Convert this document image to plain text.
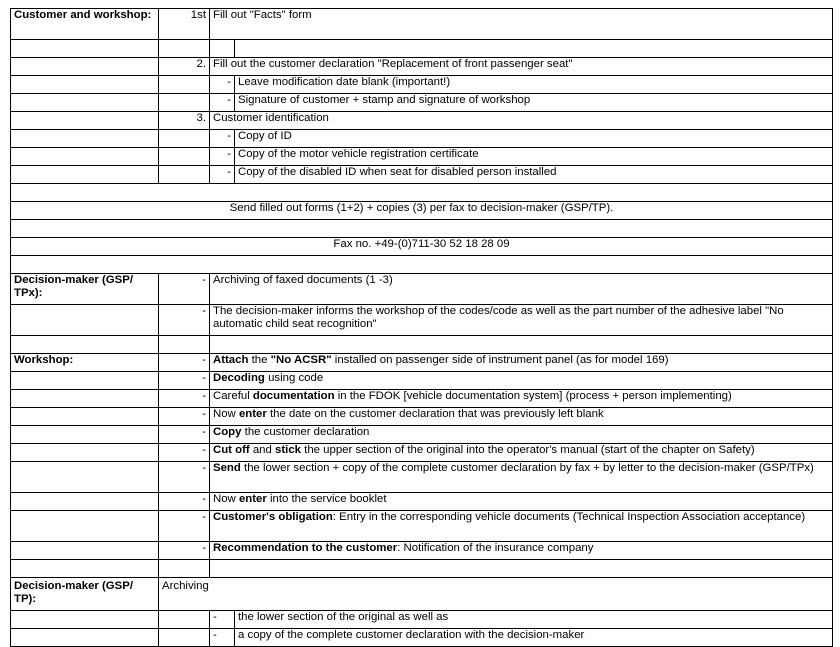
Customer and workshop:	1st	Fill out "Facts" form	

	2.	Fill out the customer declaration "Replacement of front passenger seat"	
		-	Leave modification date blank (important!)
		-	Signature of customer + stamp and signature of workshop
	3.	Customer identification	
		-	Copy of ID
		-	Copy of the motor vehicle registration certificate
		-	Copy of the disabled ID when seat for disabled person installed

Send filled out forms (1+2) + copies (3) per fax to decision-maker (GSP/TP).			

Fax no. +49-(0)711-30 52 18 28 09			

Decision-maker (GSP/ TPx):	-	Archiving of faxed documents (1 -3)	
	-	The decision-maker informs the workshop of the codes/code as well as the part number of the adhesive label "No automatic child seat recognition"	

Workshop:	-	Attach the "No ACSR" installed on passenger side of instrument panel (as for model 169)	
	-	Decoding using code	
	-	Careful documentation in the FDOK [vehicle documentation system] (process + person implementing)	
	-	Now enter the date on the customer declaration that was previously left blank	
	-	Copy the customer declaration	
	-	Cut off and stick the upper section of the original into the operator's manual (start of the chapter on Safety)	
	-	Send the lower section + copy of the complete customer declaration by fax + by letter to the decision-maker (GSP/TPx)	
	-	Now enter into the service booklet	
	-	Customer's obligation: Entry in the corresponding vehicle documents (Technical Inspection Association acceptance)	
	-	Recommendation to the customer: Notification of the insurance company	

Decision-maker (GSP/ TP):	Archiving		
		-	the lower section of the original as well as
		-	a copy of the complete customer declaration with the decision-maker
